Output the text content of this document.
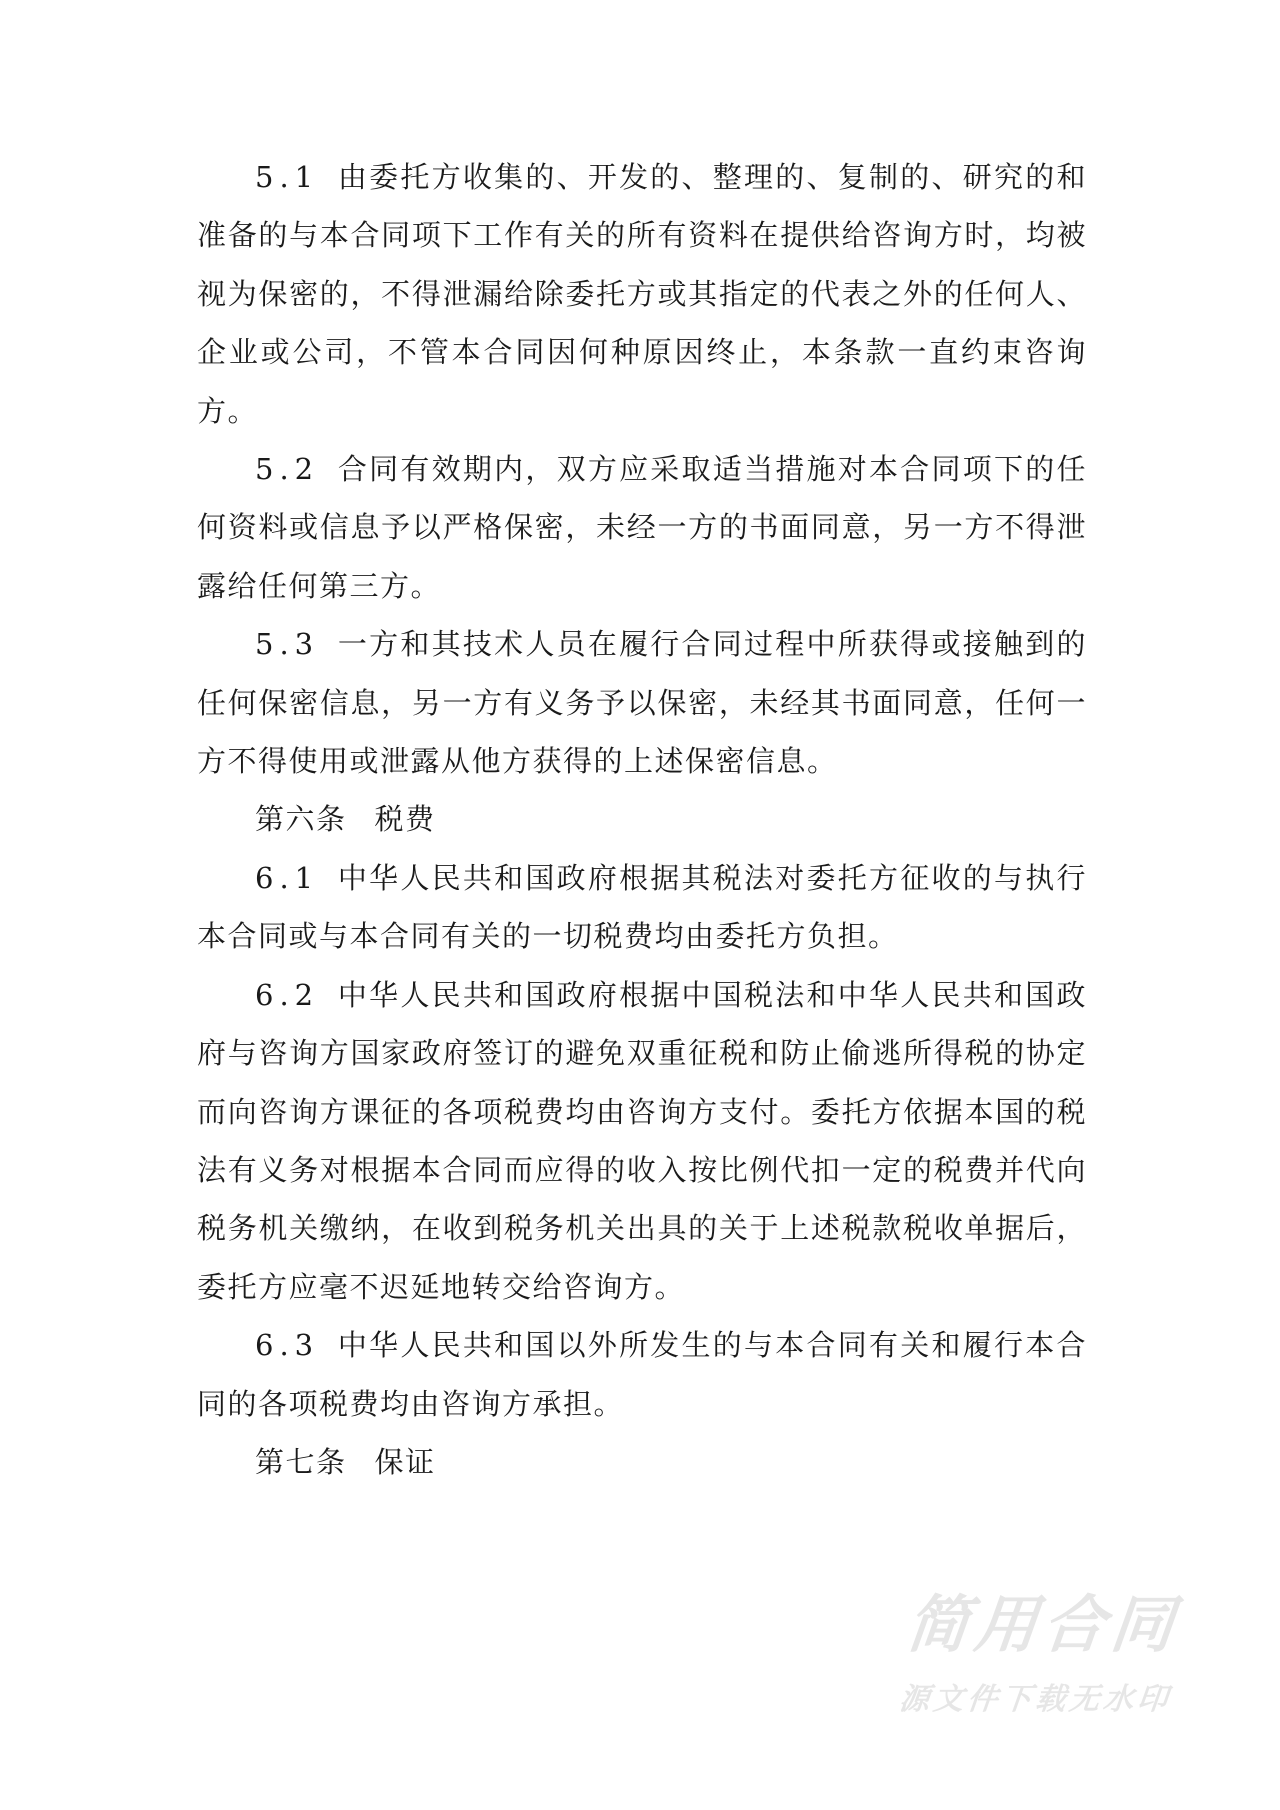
5.1 由委托方收集的、开发的、整理的、复制的、研究的和准备的与本合同项下工作有关的所有资料在提供给咨询方时，均被视为保密的，不得泄漏给除委托方或其指定的代表之外的任何人、企业或公司，不管本合同因何种原因终止，本条款一直约束咨询方。

5.2 合同有效期内，双方应采取适当措施对本合同项下的任何资料或信息予以严格保密，未经一方的书面同意，另一方不得泄露给任何第三方。

5.3 一方和其技术人员在履行合同过程中所获得或接触到的任何保密信息，另一方有义务予以保密，未经其书面同意，任何一方不得使用或泄露从他方获得的上述保密信息。

第六条 税费

6.1 中华人民共和国政府根据其税法对委托方征收的与执行本合同或与本合同有关的一切税费均由委托方负担。

6.2 中华人民共和国政府根据中国税法和中华人民共和国政府与咨询方国家政府签订的避免双重征税和防止偷逃所得税的协定而向咨询方课征的各项税费均由咨询方支付。委托方依据本国的税法有义务对根据本合同而应得的收入按比例代扣一定的税费并代向税务机关缴纳，在收到税务机关出具的关于上述税款税收单据后，委托方应毫不迟延地转交给咨询方。

6.3 中华人民共和国以外所发生的与本合同有关和履行本合同的各项税费均由咨询方承担。

第七条 保证

简用合同
源文件下载无水印
